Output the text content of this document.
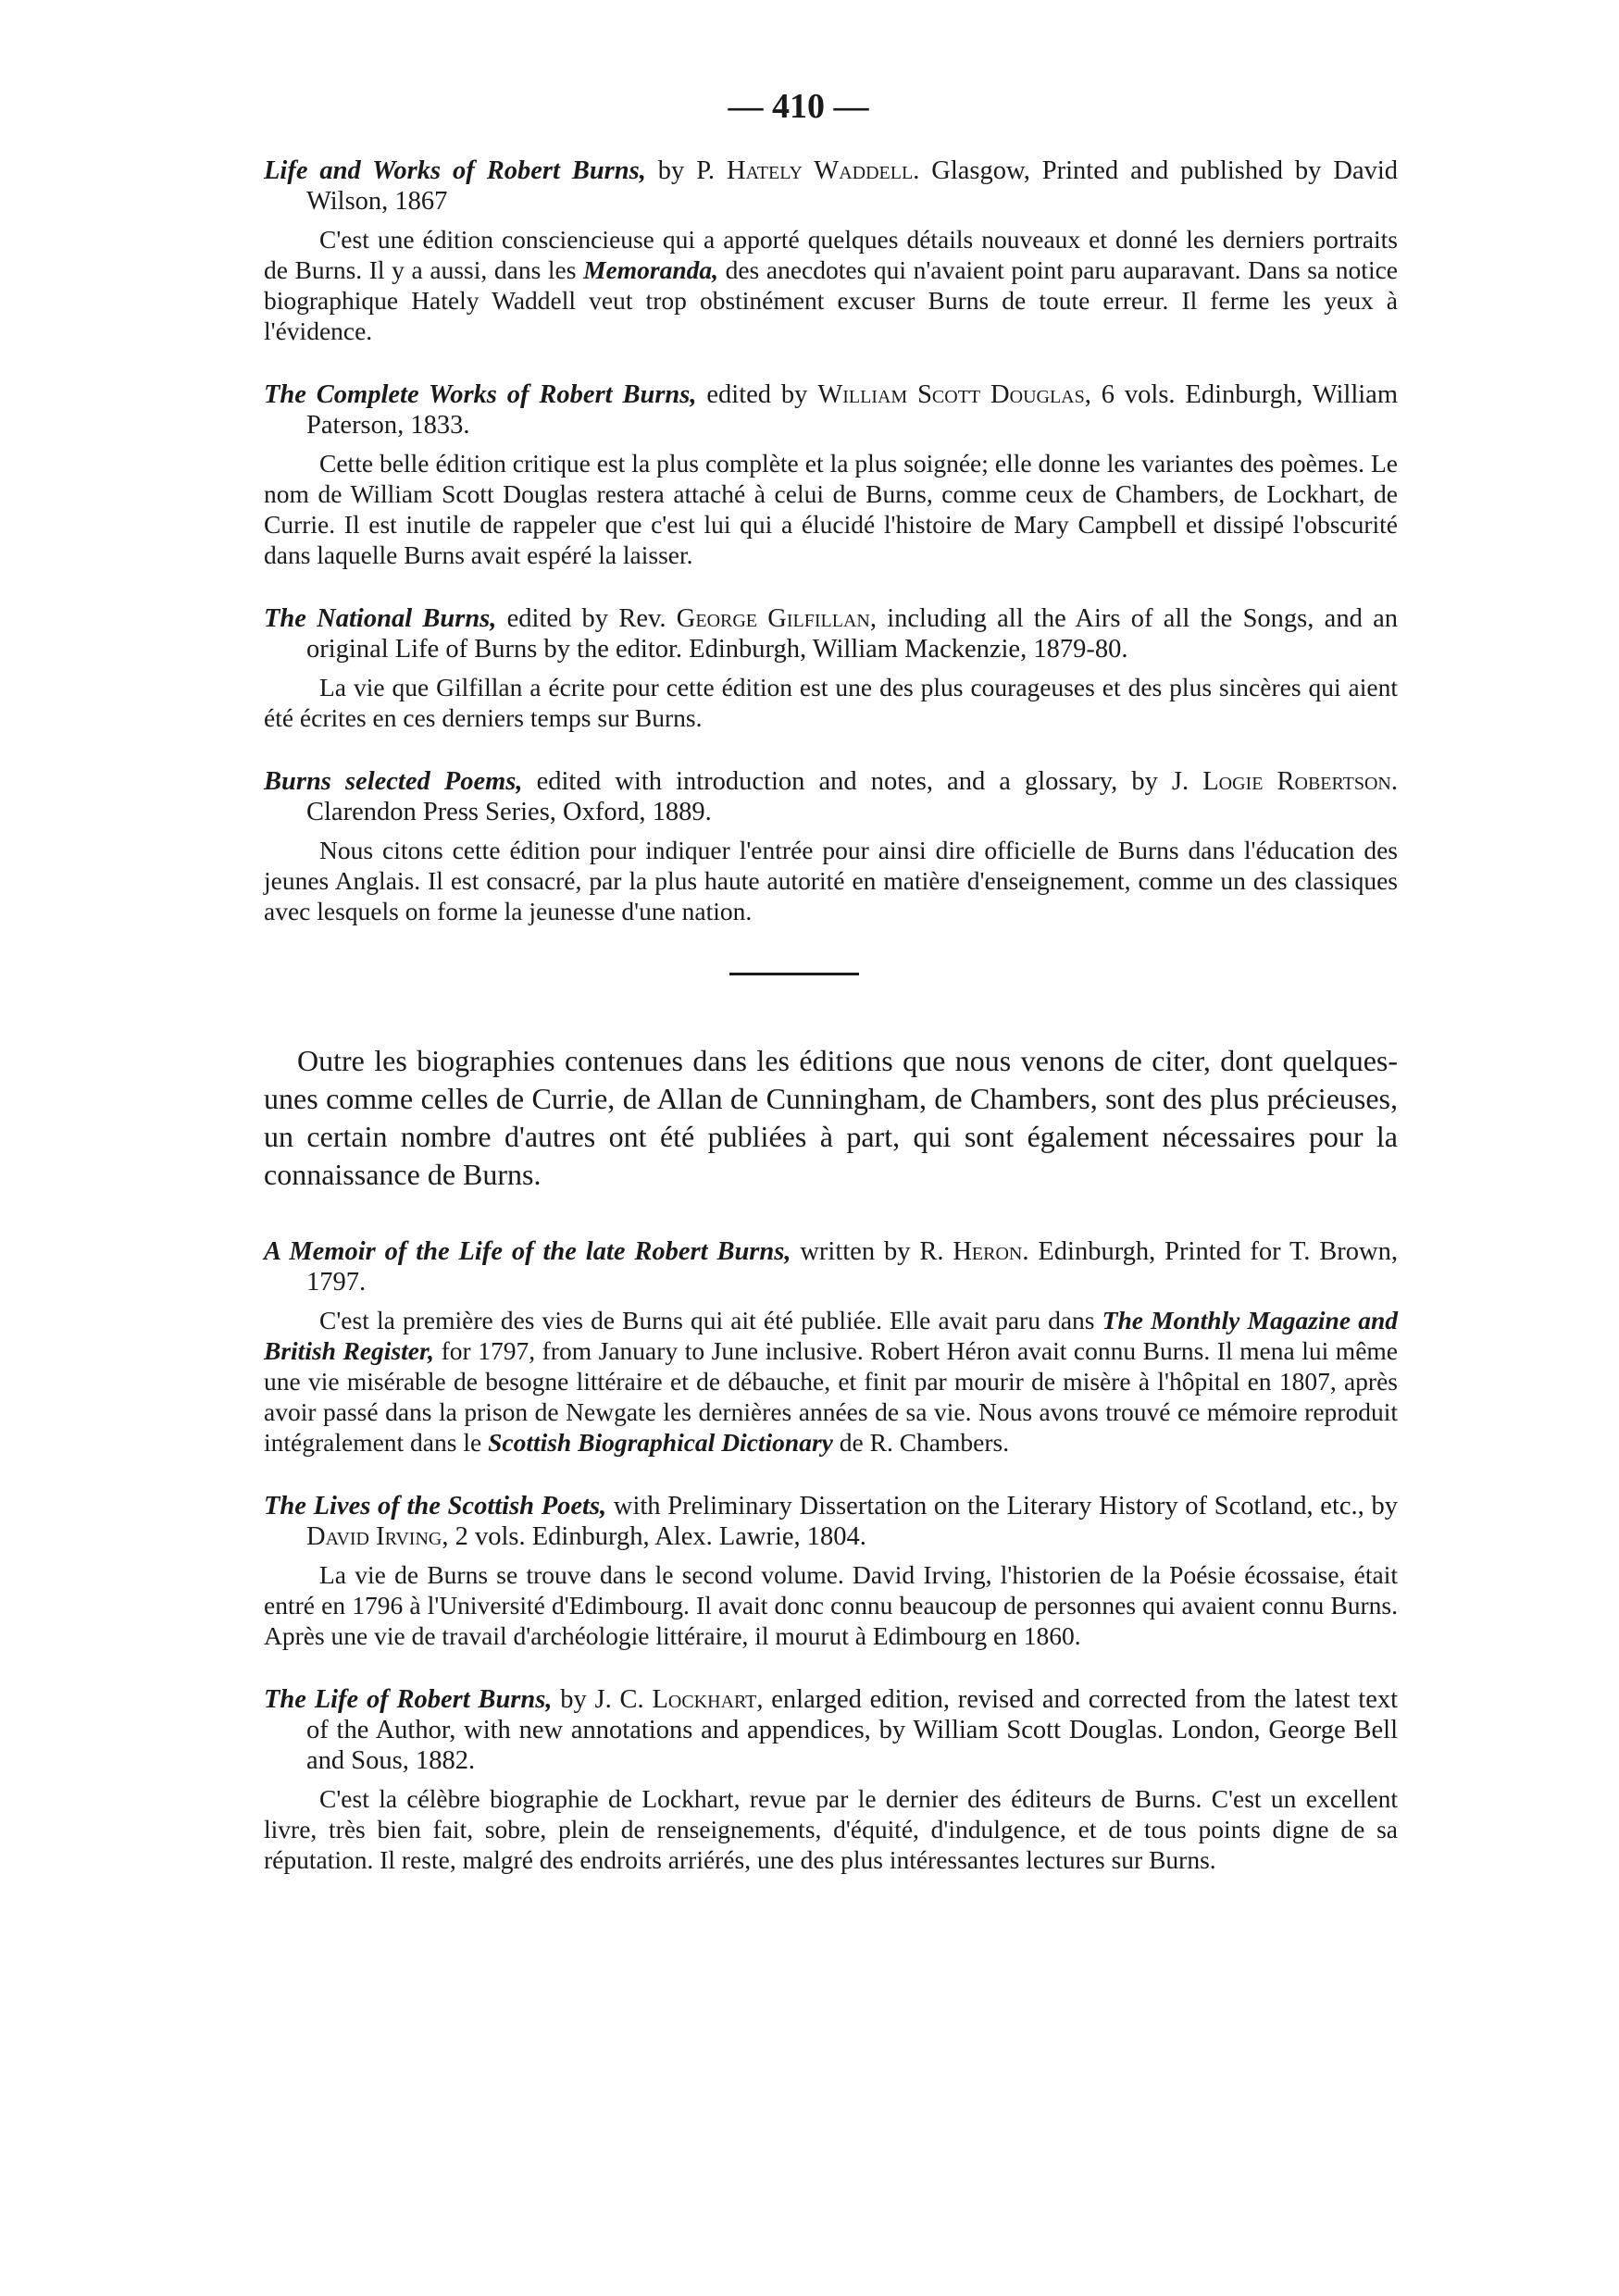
— 410 —

Life and Works of Robert Burns, by P. Hately Waddell. Glasgow, Printed and published by David Wilson, 1867

C'est une édition consciencieuse qui a apporté quelques détails nouveaux et donné les derniers portraits de Burns. Il y a aussi, dans les Memoranda, des anecdotes qui n'avaient point paru auparavant. Dans sa notice biographique Hately Waddell veut trop obstinément excuser Burns de toute erreur. Il ferme les yeux à l'évidence.

The Complete Works of Robert Burns, edited by William Scott Douglas, 6 vols. Edinburgh, William Paterson, 1833.

Cette belle édition critique est la plus complète et la plus soignée; elle donne les variantes des poèmes. Le nom de William Scott Douglas restera attaché à celui de Burns, comme ceux de Chambers, de Lockhart, de Currie. Il est inutile de rappeler que c'est lui qui a élucidé l'histoire de Mary Campbell et dissipé l'obscurité dans laquelle Burns avait espéré la laisser.

The National Burns, edited by Rev. George Gilfillan, including all the Airs of all the Songs, and an original Life of Burns by the editor. Edinburgh, William Mackenzie, 1879-80.

La vie que Gilfillan a écrite pour cette édition est une des plus courageuses et des plus sincères qui aient été écrites en ces derniers temps sur Burns.

Burns selected Poems, edited with introduction and notes, and a glossary, by J. Logie Robertson. Clarendon Press Series, Oxford, 1889.

Nous citons cette édition pour indiquer l'entrée pour ainsi dire officielle de Burns dans l'éducation des jeunes Anglais. Il est consacré, par la plus haute autorité en matière d'enseignement, comme un des classiques avec lesquels on forme la jeunesse d'une nation.

Outre les biographies contenues dans les éditions que nous venons de citer, dont quelques-unes comme celles de Currie, de Allan de Cunningham, de Chambers, sont des plus précieuses, un certain nombre d'autres ont été publiées à part, qui sont également nécessaires pour la connaissance de Burns.

A Memoir of the Life of the late Robert Burns, written by R. Heron. Edinburgh, Printed for T. Brown, 1797.

C'est la première des vies de Burns qui ait été publiée. Elle avait paru dans The Monthly Magazine and British Register, for 1797, from January to June inclusive. Robert Héron avait connu Burns. Il mena lui même une vie misérable de besogne littéraire et de débauche, et finit par mourir de misère à l'hôpital en 1807, après avoir passé dans la prison de Newgate les dernières années de sa vie. Nous avons trouvé ce mémoire reproduit intégralement dans le Scottish Biographical Dictionary de R. Chambers.

The Lives of the Scottish Poets, with Preliminary Dissertation on the Literary History of Scotland, etc., by David Irving, 2 vols. Edinburgh, Alex. Lawrie, 1804.

La vie de Burns se trouve dans le second volume. David Irving, l'historien de la Poésie écossaise, était entré en 1796 à l'Université d'Edimbourg. Il avait donc connu beaucoup de personnes qui avaient connu Burns. Après une vie de travail d'archéologie littéraire, il mourut à Edimbourg en 1860.

The Life of Robert Burns, by J. C. Lockhart, enlarged edition, revised and corrected from the latest text of the Author, with new annotations and appendices, by William Scott Douglas. London, George Bell and Sous, 1882.

C'est la célèbre biographie de Lockhart, revue par le dernier des éditeurs de Burns. C'est un excellent livre, très bien fait, sobre, plein de renseignements, d'équité, d'indulgence, et de tous points digne de sa réputation. Il reste, malgré des endroits arriérés, une des plus intéressantes lectures sur Burns.
